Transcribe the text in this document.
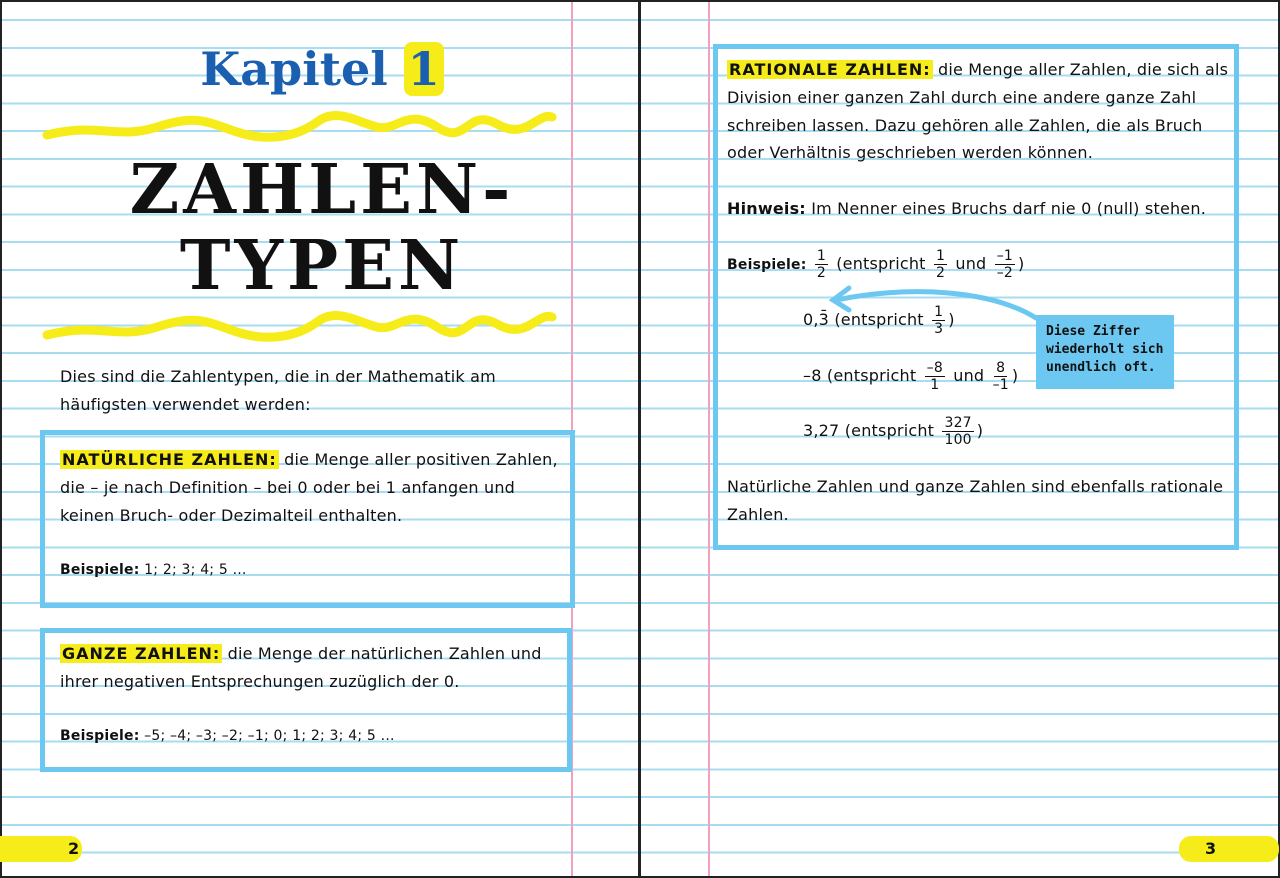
Kapitel 1
ZAHLEN-
TYPEN
Dies sind die Zahlentypen, die in der Mathematik am
häufigsten verwendet werden:
NATÜRLICHE ZAHLEN: die Menge aller positiven Zahlen,
die – je nach Definition – bei 0 oder bei 1 anfangen und
keinen Bruch- oder Dezimalteil enthalten.
Beispiele: 1; 2; 3; 4; 5 ...
GANZE ZAHLEN: die Menge der natürlichen Zahlen und
ihrer negativen Entsprechungen zuzüglich der 0.
Beispiele: –5; –4; –3; –2; –1; 0; 1; 2; 3; 4; 5 ...
2
RATIONALE ZAHLEN: die Menge aller Zahlen, die sich als
Division einer ganzen Zahl durch eine andere ganze Zahl
schreiben lassen. Dazu gehören alle Zahlen, die als Bruch
oder Verhältnis geschrieben werden können.
Hinweis: Im Nenner eines Bruchs darf nie 0 (null) stehen.
Beispiele: $\frac{1}{2}$ (entspricht $\frac{1}{2}$ und $\frac{-1}{-2}$ )
0,3̄ (entspricht $\frac{1}{3}$ )
–8 (entspricht $\frac{-8}{1}$ und $\frac{8}{-1}$ )
3,27 (entspricht $\frac{327}{100}$ )
Diese Ziffer
wiederholt sich
unendlich oft.
Natürliche Zahlen und ganze Zahlen sind ebenfalls rationale
Zahlen.
3
